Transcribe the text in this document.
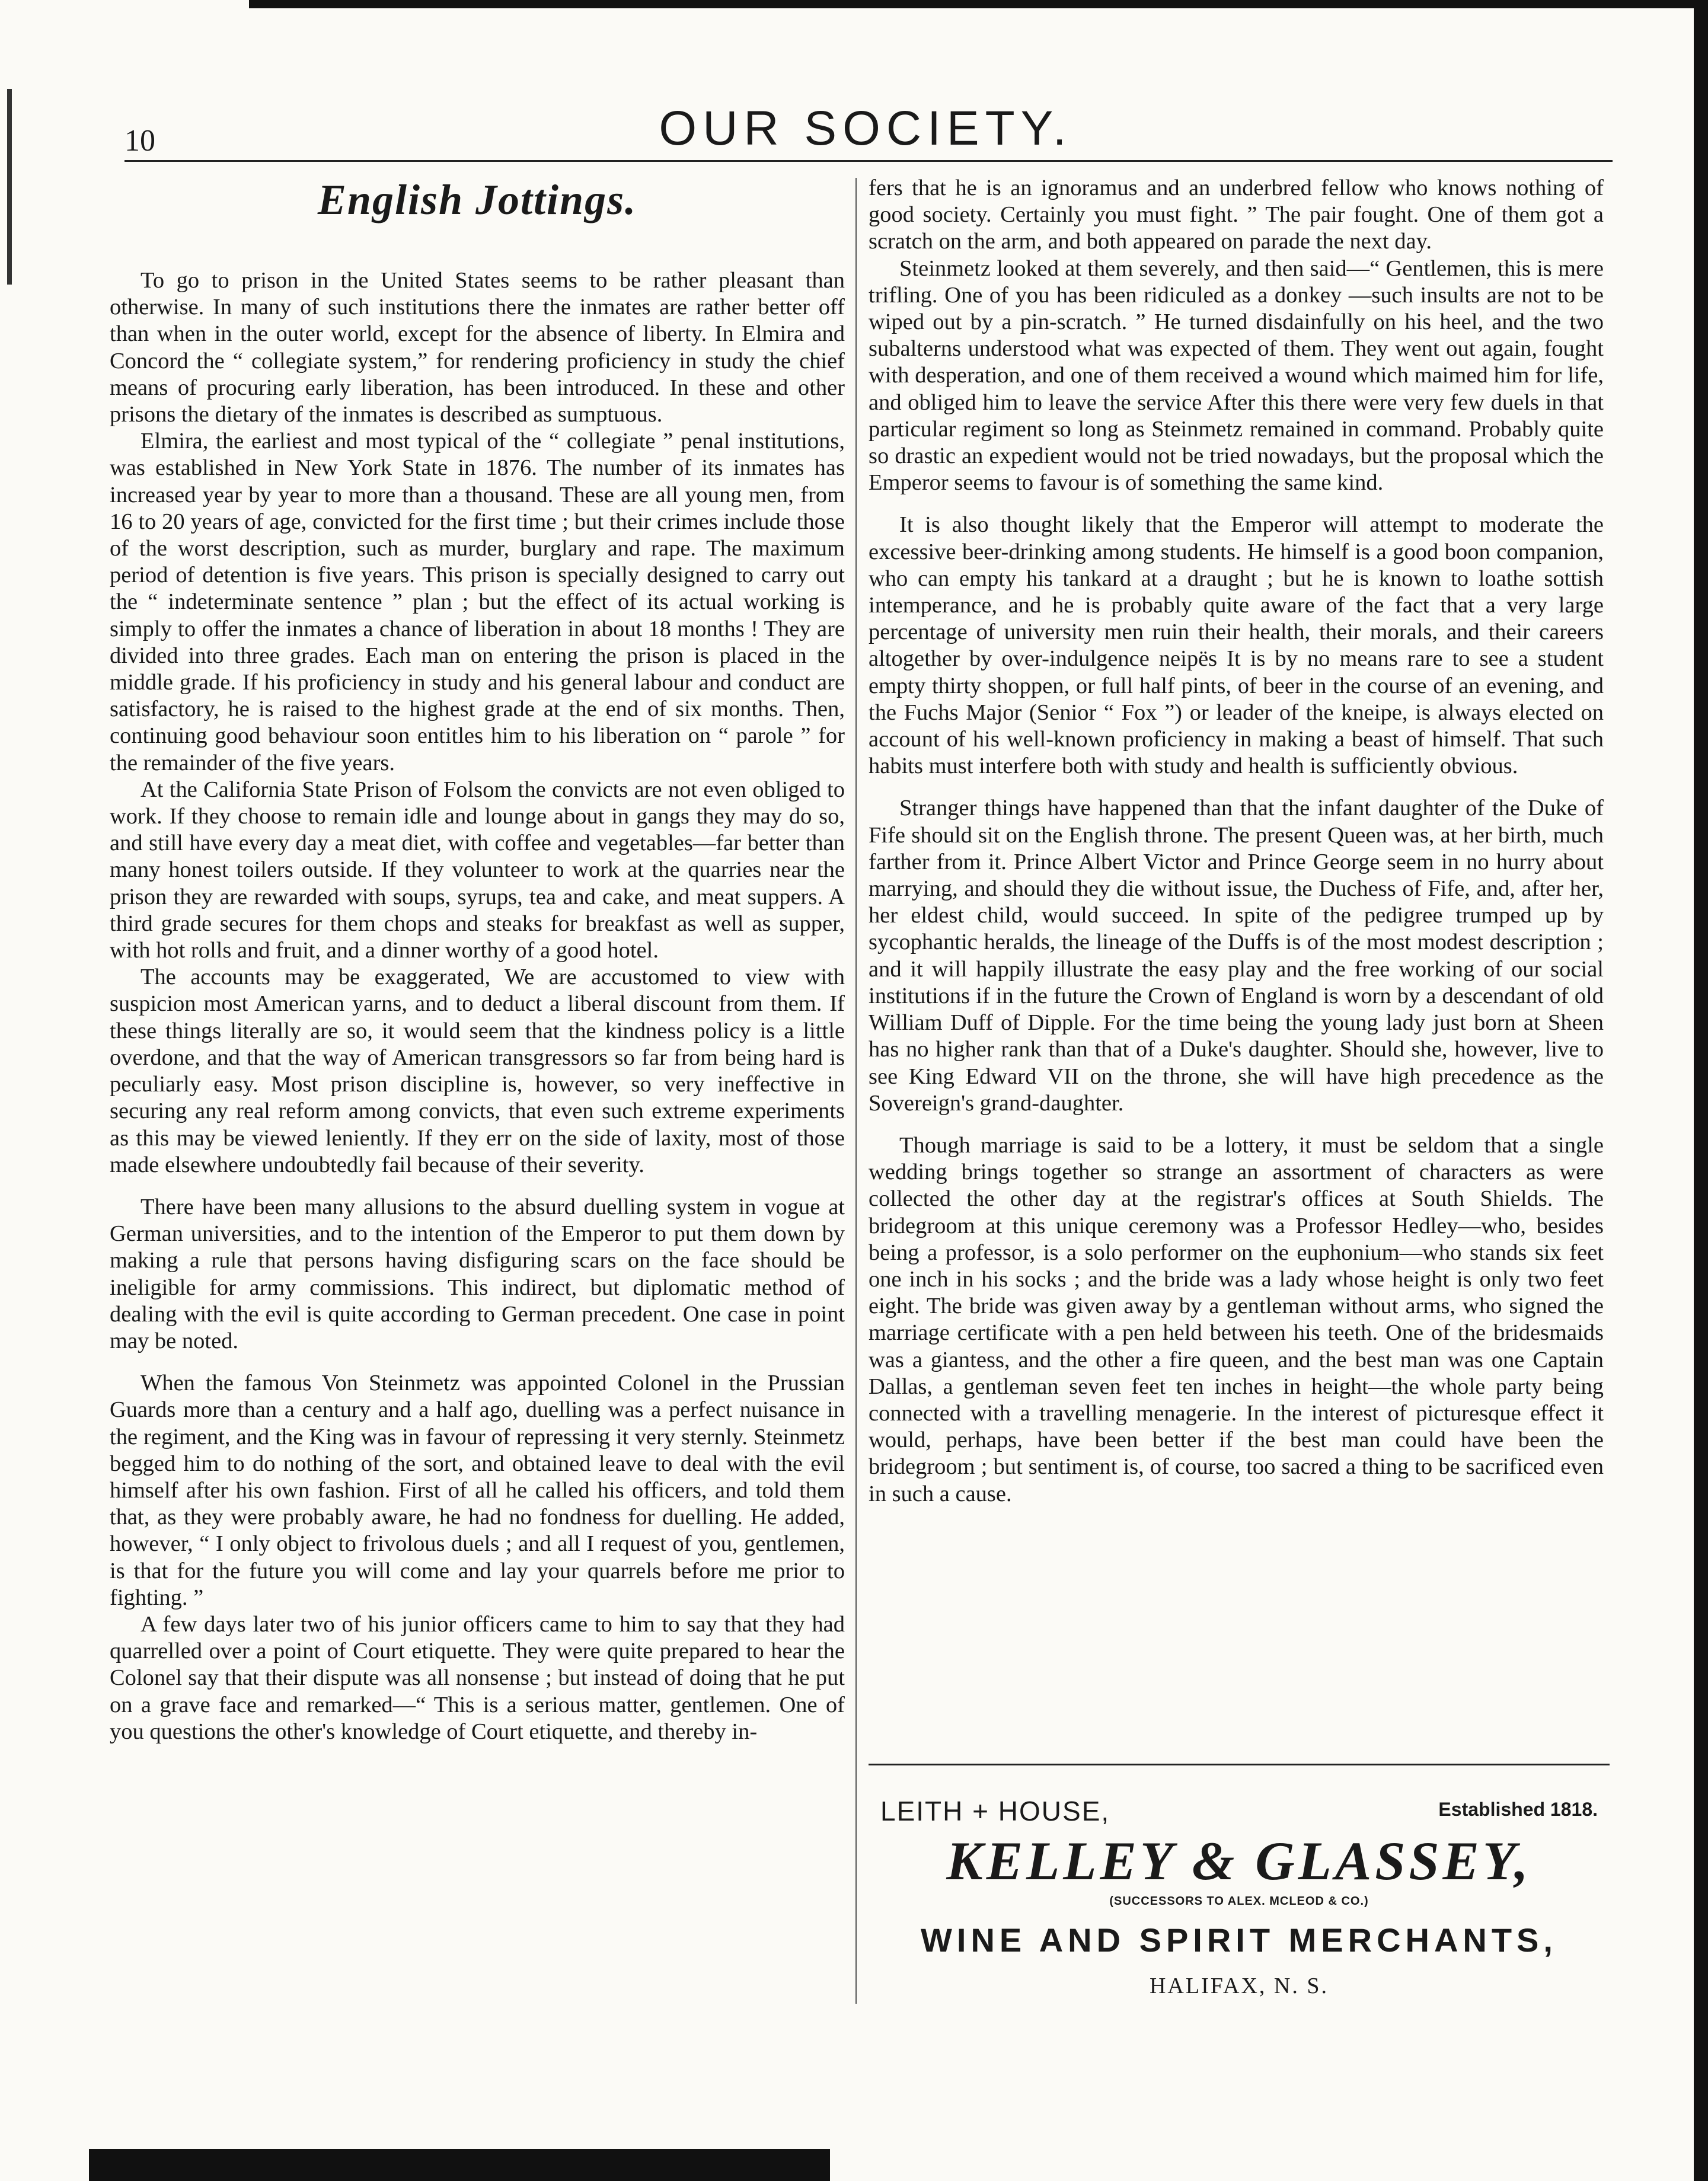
OUR SOCIETY.
10
English Jottings.

To go to prison in the United States seems to be rather pleasant than otherwise. In many of such institutions there the inmates are rather better off than when in the outer world, except for the absence of liberty. In Elmira and Concord the “ collegiate system,” for rendering proficiency in study the chief means of procuring early liberation, has been introduced. In these and other prisons the dietary of the inmates is described as sumptuous.

Elmira, the earliest and most typical of the “ collegiate ” penal institutions, was established in New York State in 1876. The number of its inmates has increased year by year to more than a thousand. These are all young men, from 16 to 20 years of age, convicted for the first time ; but their crimes include those of the worst description, such as murder, burglary and rape. The maximum period of detention is five years. This prison is specially designed to carry out the “ indeterminate sentence ” plan ; but the effect of its actual working is simply to offer the inmates a chance of liberation in about 18 months ! They are divided into three grades. Each man on entering the prison is placed in the middle grade. If his proficiency in study and his general labour and conduct are satisfactory, he is raised to the highest grade at the end of six months. Then, continuing good behaviour soon entitles him to his liberation on “ parole ” for the remainder of the five years.

At the California State Prison of Folsom the convicts are not even obliged to work. If they choose to remain idle and lounge about in gangs they may do so, and still have every day a meat diet, with coffee and vegetables—far better than many honest toilers outside. If they volunteer to work at the quarries near the prison they are rewarded with soups, syrups, tea and cake, and meat suppers. A third grade secures for them chops and steaks for breakfast as well as supper, with hot rolls and fruit, and a dinner worthy of a good hotel.

The accounts may be exaggerated, We are accustomed to view with suspicion most American yarns, and to deduct a liberal discount from them. If these things literally are so, it would seem that the kindness policy is a little overdone, and that the way of American transgressors so far from being hard is peculiarly easy. Most prison discipline is, however, so very ineffective in securing any real reform among convicts, that even such extreme experiments as this may be viewed leniently. If they err on the side of laxity, most of those made elsewhere undoubtedly fail because of their severity.

There have been many allusions to the absurd duelling system in vogue at German universities, and to the intention of the Emperor to put them down by making a rule that persons having disfiguring scars on the face should be ineligible for army commissions. This indirect, but diplomatic method of dealing with the evil is quite according to German precedent. One case in point may be noted.

When the famous Von Steinmetz was appointed Colonel in the Prussian Guards more than a century and a half ago, duelling was a perfect nuisance in the regiment, and the King was in favour of repressing it very sternly. Steinmetz begged him to do nothing of the sort, and obtained leave to deal with the evil himself after his own fashion. First of all he called his officers, and told them that, as they were probably aware, he had no fondness for duelling. He added, however, “ I only object to frivolous duels ; and all I request of you, gentlemen, is that for the future you will come and lay your quarrels before me prior to fighting. ”

A few days later two of his junior officers came to him to say that they had quarrelled over a point of Court etiquette. They were quite prepared to hear the Colonel say that their dispute was all nonsense ; but instead of doing that he put on a grave face and remarked—“ This is a serious matter, gentlemen. One of you questions the other's knowledge of Court etiquette, and thereby in-

fers that he is an ignoramus and an underbred fellow who knows nothing of good society. Certainly you must fight. ” The pair fought. One of them got a scratch on the arm, and both appeared on parade the next day.

Steinmetz looked at them severely, and then said—“ Gentlemen, this is mere trifling. One of you has been ridiculed as a donkey —such insults are not to be wiped out by a pin-scratch. ” He turned disdainfully on his heel, and the two subalterns understood what was expected of them. They went out again, fought with desperation, and one of them received a wound which maimed him for life, and obliged him to leave the service After this there were very few duels in that particular regiment so long as Steinmetz remained in command. Probably quite so drastic an expedient would not be tried nowadays, but the proposal which the Emperor seems to favour is of something the same kind.

It is also thought likely that the Emperor will attempt to moderate the excessive beer-drinking among students. He himself is a good boon companion, who can empty his tankard at a draught ; but he is known to loathe sottish intemperance, and he is probably quite aware of the fact that a very large percentage of university men ruin their health, their morals, and their careers altogether by over-indulgence neipës It is by no means rare to see a student empty thirty shoppen, or full half pints, of beer in the course of an evening, and the Fuchs Major (Senior “ Fox ”) or leader of the kneipe, is always elected on account of his well-known proficiency in making a beast of himself. That such habits must interfere both with study and health is sufficiently obvious.

Stranger things have happened than that the infant daughter of the Duke of Fife should sit on the English throne. The present Queen was, at her birth, much farther from it. Prince Albert Victor and Prince George seem in no hurry about marrying, and should they die without issue, the Duchess of Fife, and, after her, her eldest child, would succeed. In spite of the pedigree trumped up by sycophantic heralds, the lineage of the Duffs is of the most modest description ; and it will happily illustrate the easy play and the free working of our social institutions if in the future the Crown of England is worn by a descendant of old William Duff of Dipple. For the time being the young lady just born at Sheen has no higher rank than that of a Duke's daughter. Should she, however, live to see King Edward VII on the throne, she will have high precedence as the Sovereign's grand-daughter.

Though marriage is said to be a lottery, it must be seldom that a single wedding brings together so strange an assortment of characters as were collected the other day at the registrar's offices at South Shields. The bridegroom at this unique ceremony was a Professor Hedley—who, besides being a professor, is a solo performer on the euphonium—who stands six feet one inch in his socks ; and the bride was a lady whose height is only two feet eight. The bride was given away by a gentleman without arms, who signed the marriage certificate with a pen held between his teeth. One of the bridesmaids was a giantess, and the other a fire queen, and the best man was one Captain Dallas, a gentleman seven feet ten inches in height—the whole party being connected with a travelling menagerie. In the interest of picturesque effect it would, perhaps, have been better if the best man could have been the bridegroom ; but sentiment is, of course, too sacred a thing to be sacrificed even in such a cause.

LEITH + HOUSE,	Established 1818.
KELLEY & GLASSEY,
(SUCCESSORS TO ALEX. MCLEOD & CO.)
WINE AND SPIRIT MERCHANTS,
HALIFAX, N. S.
